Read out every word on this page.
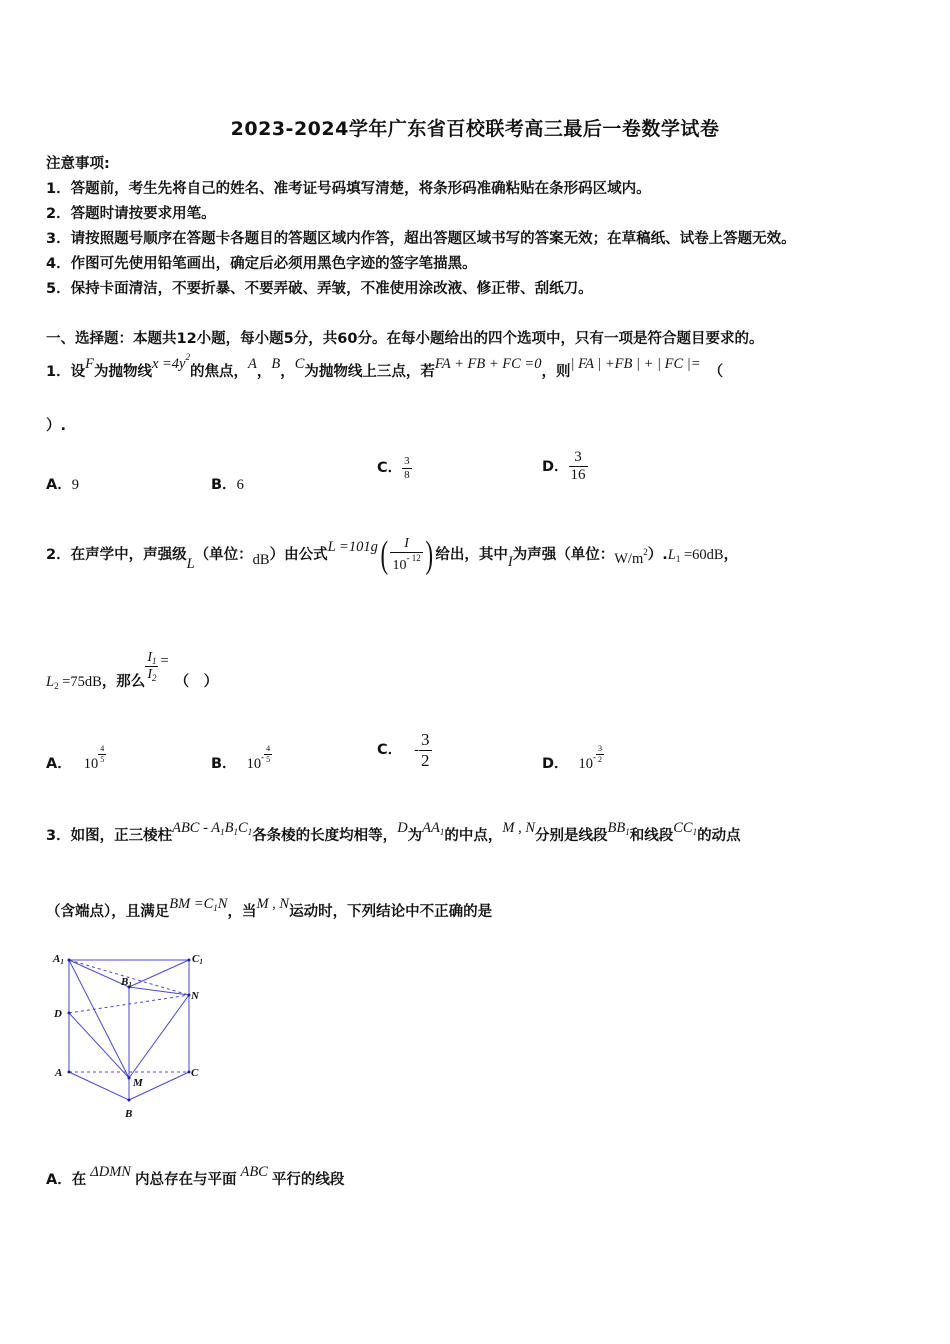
2023-2024学年广东省百校联考高三最后一卷数学试卷
注意事项:
1．答题前，考生先将自己的姓名、准考证号码填写清楚，将条形码准确粘贴在条形码区域内。
2．答题时请按要求用笔。
3．请按照题号顺序在答题卡各题目的答题区域内作答，超出答题区域书写的答案无效；在草稿纸、试卷上答题无效。
4．作图可先使用铅笔画出，确定后必须用黑色字迹的签字笔描黑。
5．保持卡面清洁，不要折暴、不要弄破、弄皱，不准使用涂改液、修正带、刮纸刀。
一、选择题：本题共12小题，每小题5分，共60分。在每小题给出的四个选项中，只有一项是符合题目要求的。
1．设F为抛物线$x =4y^2$的焦点，A，B，C为抛物线上三点，若FA + FB + FC =0，则| FA | +FB | + | FC |= （
）.
A．9	B．6
C． $\frac{3}{8}$	D． $\frac{3}{16}$
2．在声学中，声强级L（单位：dB）由公式$L =101g( \frac{I}{10^{- 12}}$ ) 给出，其中I为声强（单位：$W/m^2).L_1 =60dB$，
$L_2 =75dB$，那么 $\frac{I_1}{I_2}$ =（　）
A． 10
$\frac{4}{5}$
B． $10^- \frac{4}{5}$	C． - $\frac{3}{2}$	D． $10^- \frac{3}{2}$
3．如图，正三棱柱ABC - $A_1B_1C_1$各条棱的长度均相等，D为$AA_1$的中点，M , N分别是线段$BB_1$和线段$CC_1$的动点
（含端点），且满足BM $=C_1N$，当M , N运动时，下列结论中不正确的是
A1	C1
B1
N
D
A	C
M
B
A．在 ΔDMN 内总存在与平面 ABC 平行的线段
